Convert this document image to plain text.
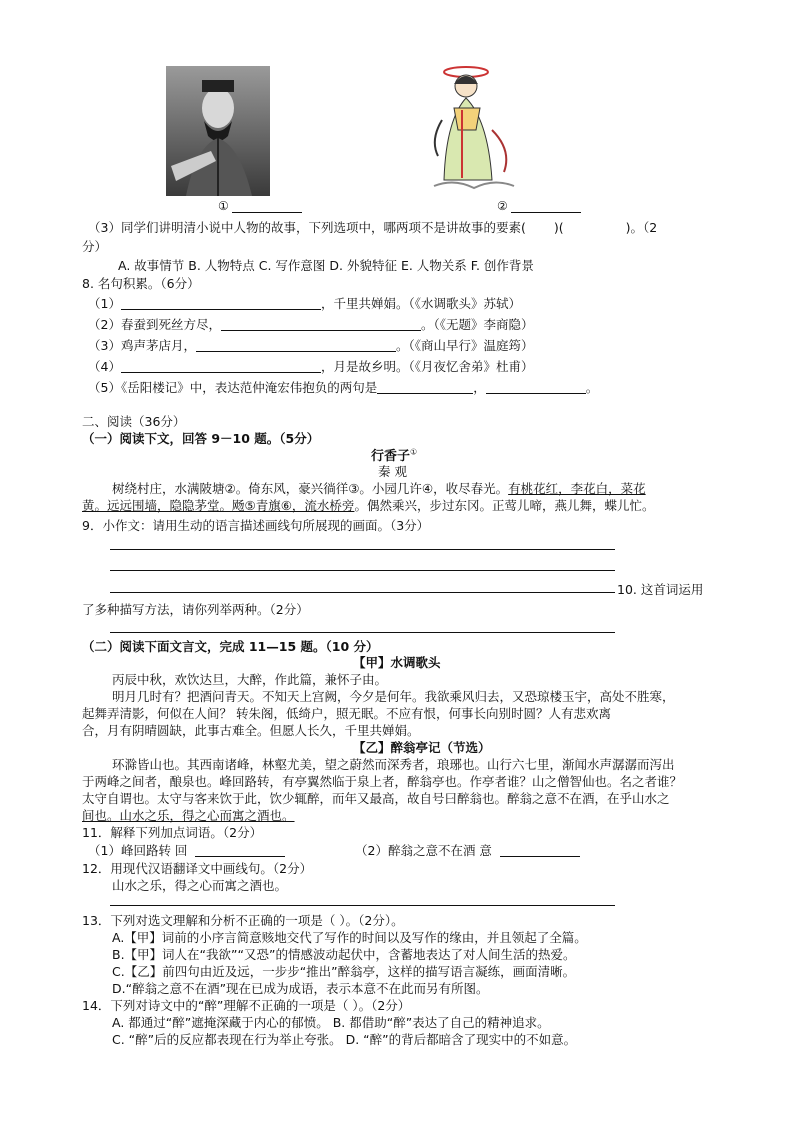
①	②
（3）同学们讲明清小说中人物的故事，下列选项中，哪两项不是讲故事的要素( )(	)。（2
分）
A. 故事情节 B. 人物特点 C. 写作意图 D. 外貌特征 E. 人物关系 F. 创作背景
8. 名句积累。（6分）
（1）	，千里共婵娟。（《水调歌头》苏轼）
（2）春蚕到死丝方尽，	。（《无题》李商隐）
（3）鸡声茅店月，	。（《商山早行》温庭筠）
（4）	，月是故乡明。（《月夜忆舍弟》杜甫）
（5）《岳阳楼记》中，表达范仲淹宏伟抱负的两句是	，	。
二、阅读（36分）
（一）阅读下文，回答 9－10 题。（5分）
行香子①
秦 观
树绕村庄，水满陂塘②。倚东风，豪兴徜徉③。小园几许④，收尽春光。有桃花红，李花白，菜花
黄。远远围墙，隐隐茅堂。飏⑤青旗⑥，流水桥旁。偶然乘兴，步过东冈。正莺儿啼，燕儿舞，蝶儿忙。
9．小作文：请用生动的语言描述画线句所展现的画面。（3分）
10. 这首词运用
了多种描写方法，请你列举两种。（2分）
（二）阅读下面文言文，完成 11—15 题。（10 分）
【甲】水调歌头
丙辰中秋，欢饮达旦，大醉，作此篇，兼怀子由。
明月几时有？把酒问青天。不知天上宫阙，今夕是何年。我欲乘风归去，又恐琼楼玉宇，高处不胜寒，
起舞弄清影，何似在人间？ 转朱阁，低绮户，照无眠。不应有恨，何事长向别时圆？人有悲欢离
合，月有阴晴圆缺，此事古难全。但愿人长久，千里共婵娟。
【乙】醉翁亭记（节选）
环滁皆山也。其西南诸峰，林壑尤美，望之蔚然而深秀者，琅琊也。山行六七里，渐闻水声潺潺而泻出
于两峰之间者，酿泉也。峰回路转，有亭翼然临于泉上者，醉翁亭也。作亭者谁？山之僧智仙也。名之者谁？
太守自谓也。太守与客来饮于此，饮少辄醉，而年又最高，故自号曰醉翁也。醉翁之意不在酒，在乎山水之
间也。山水之乐，得之心而寓之酒也。
11．解释下列加点词语。（2分）
（1）峰回路转 回	（2）醉翁之意不在酒 意
12．用现代汉语翻译文中画线句。（2分）
山水之乐，得之心而寓之酒也。
13．下列对选文理解和分析不正确的一项是（ ）。（2分）。
A.【甲】词前的小序言简意赅地交代了写作的时间以及写作的缘由，并且领起了全篇。
B.【甲】词人在“我欲”“又恐”的情感波动起伏中，含蓄地表达了对人间生活的热爱。
C.【乙】前四句由近及远，一步步“推出”醉翁亭，这样的描写语言凝练，画面清晰。
D.“醉翁之意不在酒”现在已成为成语，表示本意不在此而另有所图。
14．下列对诗文中的“醉”理解不正确的一项是（ ）。（2分）
A. 都通过“醉”遮掩深藏于内心的郁愤。 B. 都借助“醉”表达了自己的精神追求。
C. “醉”后的反应都表现在行为举止夸张。 D. “醉”的背后都暗含了现实中的不如意。
